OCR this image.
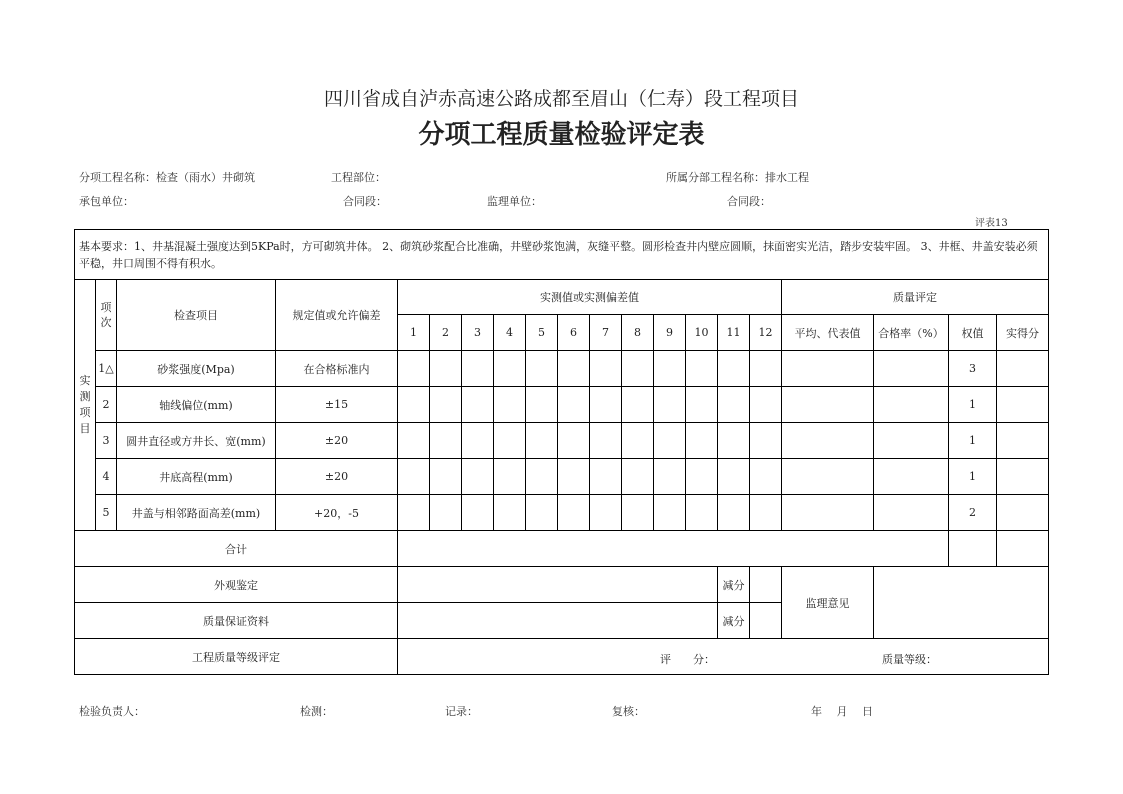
四川省成自泸赤高速公路成都至眉山（仁寿）段工程项目
分项工程质量检验评定表
分项工程名称：检查（雨水）井砌筑	工程部位：	所属分部工程名称：排水工程
承包单位：	合同段：	监理单位：	合同段：
评表13
基本要求：1、井基混凝土强度达到5KPa时，方可砌筑井体。 2、砌筑砂浆配合比准确，井壁砂浆饱满，灰缝平整。圆形检查井内壁应圆顺，抹面密实光洁，踏步安装牢固。 3、井框、井盖安装必须平稳，井口周围不得有积水。																			

实测项目	项次	检查项目	规定值或允许偏差	实测值或实测偏差值												质量评定			
				1	2	3	4	5	6	7	8	9	10	11	12	平均、代表值	合格率（%）	权值	实得分
	1△	砂浆强度(Mpa)	在合格标准内															3	
	2	轴线偏位(mm)	±15															1	
	3	圆井直径或方井长、宽(mm)	±20															1	
	4	井底高程(mm)	±20															1	
	5	井盖与相邻路面高差(mm)	+20，-5															2	
合计																			
外观鉴定														减分		监理意见			
质量保证资料														减分					
工程质量等级评定				评　　分： 质量等级：															
检验负责人：	检测：	记录：	复核：	年　 月　 日
